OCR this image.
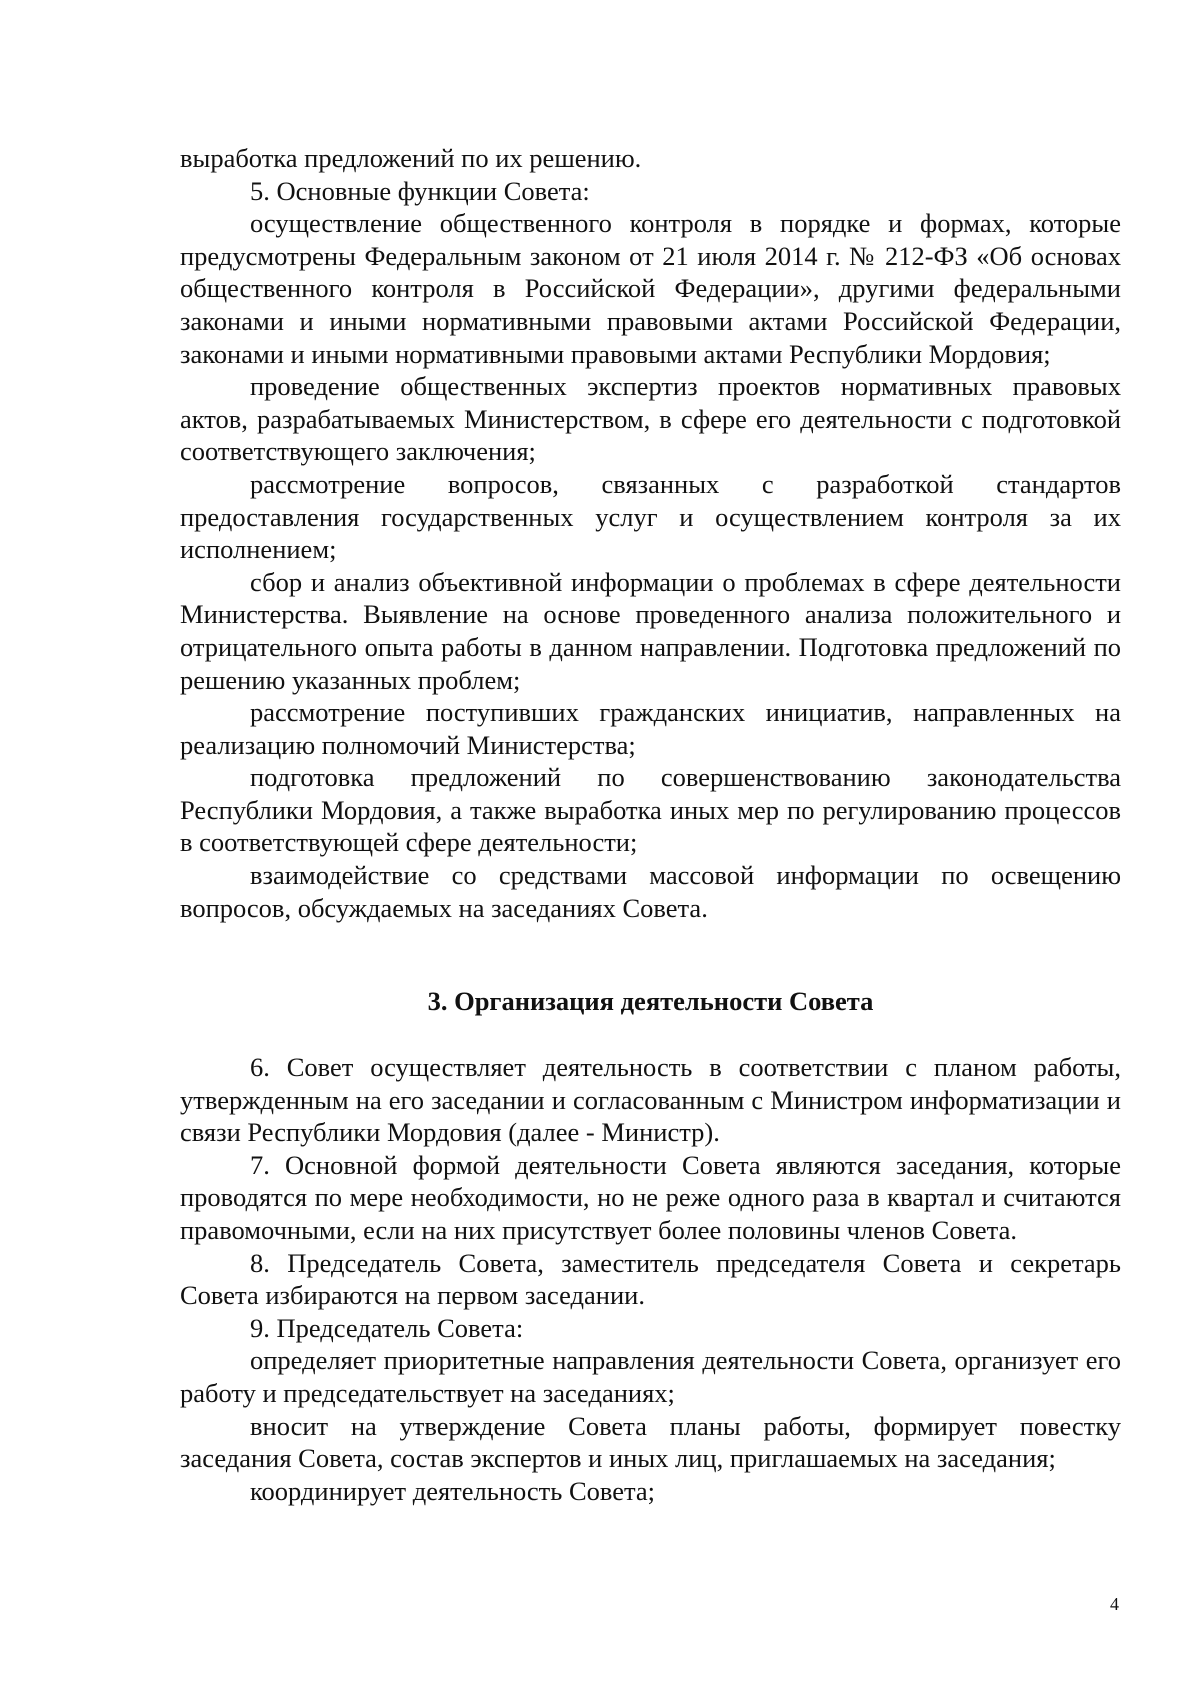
выработка предложений по их решению.

5. Основные функции Совета:

осуществление общественного контроля в порядке и формах, которые предусмотрены Федеральным законом от 21 июля 2014 г. № 212-ФЗ «Об основах общественного контроля в Российской Федерации», другими федеральными законами и иными нормативными правовыми актами Российской Федерации, законами и иными нормативными правовыми актами Республики Мордовия;

проведение общественных экспертиз проектов нормативных правовых актов, разрабатываемых Министерством, в сфере его деятельности с подготовкой соответствующего заключения;

рассмотрение вопросов, связанных с разработкой стандартов предоставления государственных услуг и осуществлением контроля за их исполнением;

сбор и анализ объективной информации о проблемах в сфере деятельности Министерства. Выявление на основе проведенного анализа положительного и отрицательного опыта работы в данном направлении. Подготовка предложений по решению указанных проблем;

рассмотрение поступивших гражданских инициатив, направленных на реализацию полномочий Министерства;

подготовка предложений по совершенствованию законодательства Республики Мордовия, а также выработка иных мер по регулированию процессов в соответствующей сфере деятельности;

взаимодействие со средствами массовой информации по освещению вопросов, обсуждаемых на заседаниях Совета.

3. Организация деятельности Совета

6. Совет осуществляет деятельность в соответствии с планом работы, утвержденным на его заседании и согласованным с Министром информатизации и связи Республики Мордовия (далее - Министр).

7. Основной формой деятельности Совета являются заседания, которые проводятся по мере необходимости, но не реже одного раза в квартал и считаются правомочными, если на них присутствует более половины членов Совета.

8. Председатель Совета, заместитель председателя Совета и секретарь Совета избираются на первом заседании.

9. Председатель Совета:

определяет приоритетные направления деятельности Совета, организует его работу и председательствует на заседаниях;

вносит на утверждение Совета планы работы, формирует повестку заседания Совета, состав экспертов и иных лиц, приглашаемых на заседания;

координирует деятельность Совета;

4
